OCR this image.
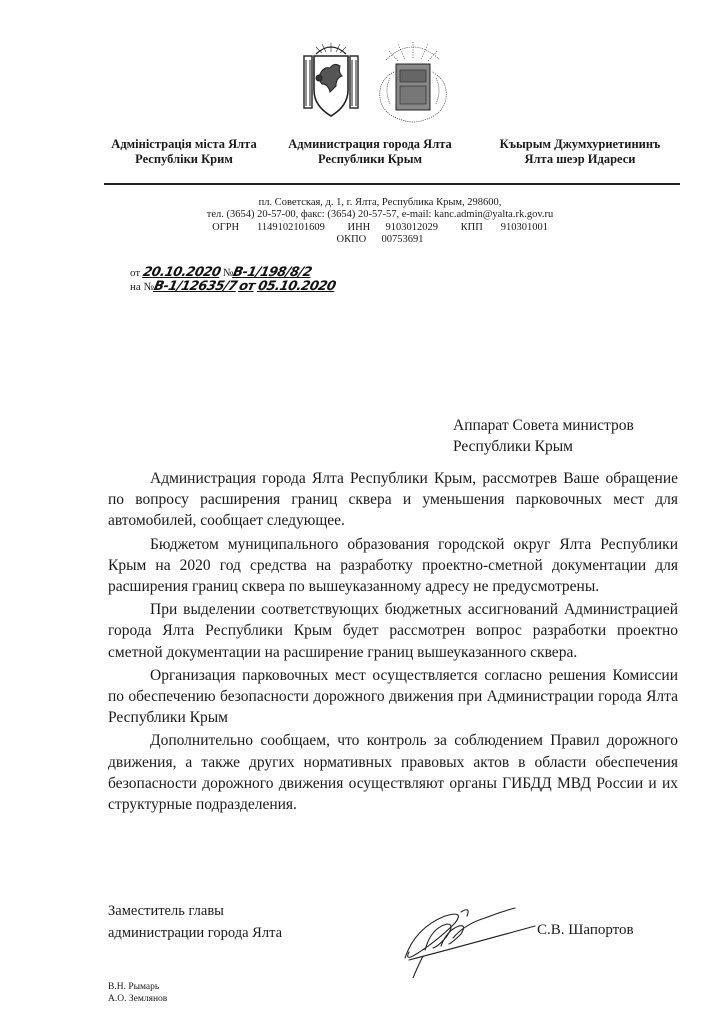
Адміністрація міста Ялта
Республіки Крим
Администрация города Ялта
Республики Крым
Къырым Джумхуриетининъ
Ялта шеэр Идареси
пл. Советская, д. 1, г. Ялта, Республика Крым, 298600,
тел. (3654) 20-57-00, факс: (3654) 20-57-57, e-mail: kanc.admin@yalta.rk.gov.ru
ОГРН 1149102101609 ИНН 9103012029 КПП 910301001
ОКПО 00753691
от 20.10.2020 №В-1/198/8/2
на №В-1/12635/7 от 05.10.2020
Аппарат Совета министров
Республики Крым

Администрация города Ялта Республики Крым, рассмотрев Ваше обращение по вопросу расширения границ сквера и уменьшения парковочных мест для автомобилей, сообщает следующее.

Бюджетом муниципального образования городской округ Ялта Республики Крым на 2020 год средства на разработку проектно-сметной документации для расширения границ сквера по вышеуказанному адресу не предусмотрены.

При выделении соответствующих бюджетных ассигнований Администрацией города Ялта Республики Крым будет рассмотрен вопрос разработки проектно сметной документации на расширение границ вышеуказанного сквера.

Организация парковочных мест осуществляется согласно решения Комиссии по обеспечению безопасности дорожного движения при Администрации города Ялта Республики Крым

Дополнительно сообщаем, что контроль за соблюдением Правил дорожного движения, а также других нормативных правовых актов в области обеспечения безопасности дорожного движения осуществляют органы ГИБДД МВД России и их структурные подразделения.

Заместитель главы
администрации города Ялта	С.В. Шапортов
В.Н. Рымарь
А.О. Землянов
